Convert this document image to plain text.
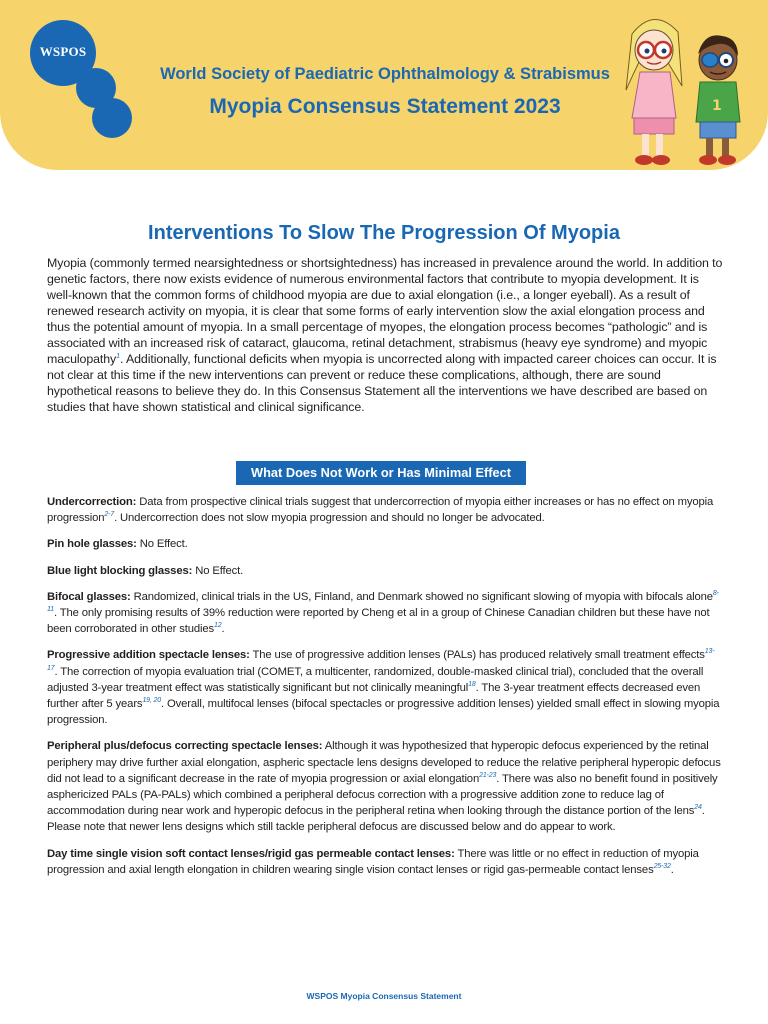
WSPOS
World Society of Paediatric Ophthalmology & Strabismus
Myopia Consensus Statement 2023	1
Interventions To Slow The Progression Of Myopia

Myopia (commonly termed nearsightedness or shortsightedness) has increased in prevalence around the world. In addition to genetic factors, there now exists evidence of numerous environmental factors that contribute to myopia development. It is well-known that the common forms of childhood myopia are due to axial elongation (i.e., a longer eyeball). As a result of renewed research activity on myopia, it is clear that some forms of early intervention slow the axial elongation process and thus the potential amount of myopia. In a small percentage of myopes, the elongation process becomes “pathologic” and is associated with an increased risk of cataract, glaucoma, retinal detachment, strabismus (heavy eye syndrome) and myopic maculopathy$^1$. Additionally, functional deficits when myopia is uncorrected along with impacted career choices can occur. It is not clear at this time if the new interventions can prevent or reduce these complications, although, there are sound hypothetical reasons to believe they do. In this Consensus Statement all the interventions we have described are based on studies that have shown statistical and clinical significance.

What Does Not Work or Has Minimal Effect

Undercorrection: Data from prospective clinical trials suggest that undercorrection of myopia either increases or has no effect on myopia progression$^{2-7}$. Undercorrection does not slow myopia progression and should no longer be advocated.

Pin hole glasses: No Effect.

Blue light blocking glasses: No Effect.

Bifocal glasses: Randomized, clinical trials in the US, Finland, and Denmark showed no significant slowing of myopia with bifocals alone$^{8-11}$. The only promising results of 39% reduction were reported by Cheng et al in a group of Chinese Canadian children but these have not been corroborated in other studies$^{12}$.

Progressive addition spectacle lenses: The use of progressive addition lenses (PALs) has produced relatively small treatment effects$^{13-17}$. The correction of myopia evaluation trial (COMET, a multicenter, randomized, double-masked clinical trial), concluded that the overall adjusted 3-year treatment effect was statistically significant but not clinically meaningful$^{18}$. The 3-year treatment effects decreased even further after 5 years$^{19, 20}$. Overall, multifocal lenses (bifocal spectacles or progressive addition lenses) yielded small effect in slowing myopia progression.

Peripheral plus/defocus correcting spectacle lenses: Although it was hypothesized that hyperopic defocus experienced by the retinal periphery may drive further axial elongation, aspheric spectacle lens designs developed to reduce the relative peripheral hyperopic defocus did not lead to a significant decrease in the rate of myopia progression or axial elongation$^{21-23}$. There was also no benefit found in positively asphericized PALs (PA-PALs) which combined a peripheral defocus correction with a progressive addition zone to reduce lag of accommodation during near work and hyperopic defocus in the peripheral retina when looking through the distance portion of the lens$^{24}$. Please note that newer lens designs which still tackle peripheral defocus are discussed below and do appear to work.

Day time single vision soft contact lenses/rigid gas permeable contact lenses: There was little or no effect in reduction of myopia progression and axial length elongation in children wearing single vision contact lenses or rigid gas-permeable contact lenses$^{25-32}$.

WSPOS Myopia Consensus Statement
